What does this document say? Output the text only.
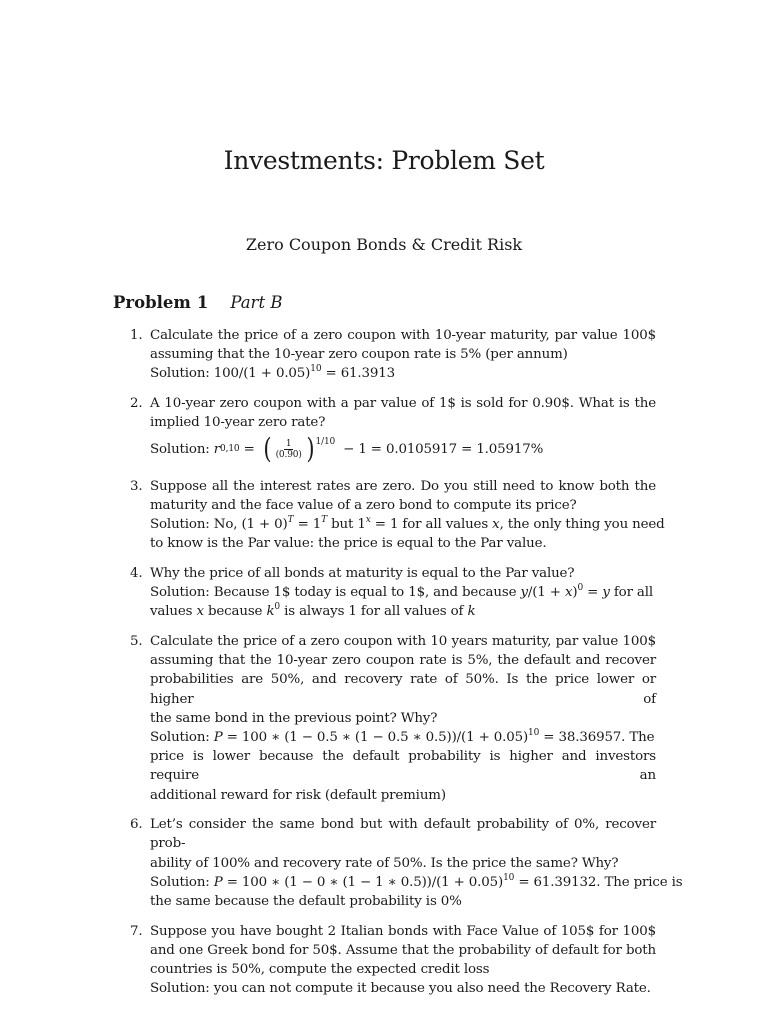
Investments: Problem Set
Zero Coupon Bonds & Credit Risk
Problem 1 Part B
1. Calculate the price of a zero coupon with 10-year maturity, par value 100$
assuming that the 10-year zero coupon rate is 5% (per annum)
Solution: $100/(1 + 0.05)^{10} = 61.3913$
2. A 10-year zero coupon with a par value of 1$ is sold for 0.90$. What is the
implied 10-year zero rate?
Solution: r 0,10 = ( $\frac{1}{(0.90)}$ ) 1/10 − 1 = 0.0105917 = 1.05917%
3. Suppose all the interest rates are zero. Do you still need to know both the
maturity and the face value of a zero bond to compute its price?
Solution: No, $(1 + 0)^T = 1^T$ but $1^x = 1$ for all values x, the only thing you need
to know is the Par value: the price is equal to the Par value.
4. Why the price of all bonds at maturity is equal to the Par value?
Solution: Because 1$ today is equal to 1$, and because $y/(1 + x)^0 = y$ for all
values x because $k^0$ is always 1 for all values of k
5. Calculate the price of a zero coupon with 10 years maturity, par value 100$
assuming that the 10-year zero coupon rate is 5%, the default and recover
probabilities are 50%, and recovery rate of 50%. Is the price lower or higher of
the same bond in the previous point? Why?
Solution: P = 100 ∗ (1 − 0.5 ∗ (1 − 0.5 ∗ $0.5))/(1 + 0.05)^{10} = 38.36957$. The
price is lower because the default probability is higher and investors require an
additional reward for risk (default premium)
6. Let’s consider the same bond but with default probability of 0%, recover prob-
ability of 100% and recovery rate of 50%. Is the price the same? Why?
Solution: P = 100 ∗ (1 − 0 ∗ (1 − 1 ∗ $0.5))/(1 + 0.05)^{10} = 61.39132$. The price is
the same because the default probability is 0%
7. Suppose you have bought 2 Italian bonds with Face Value of 105$ for 100$
and one Greek bond for 50$. Assume that the probability of default for both
countries is 50%, compute the expected credit loss
Solution: you can not compute it because you also need the Recovery Rate.
